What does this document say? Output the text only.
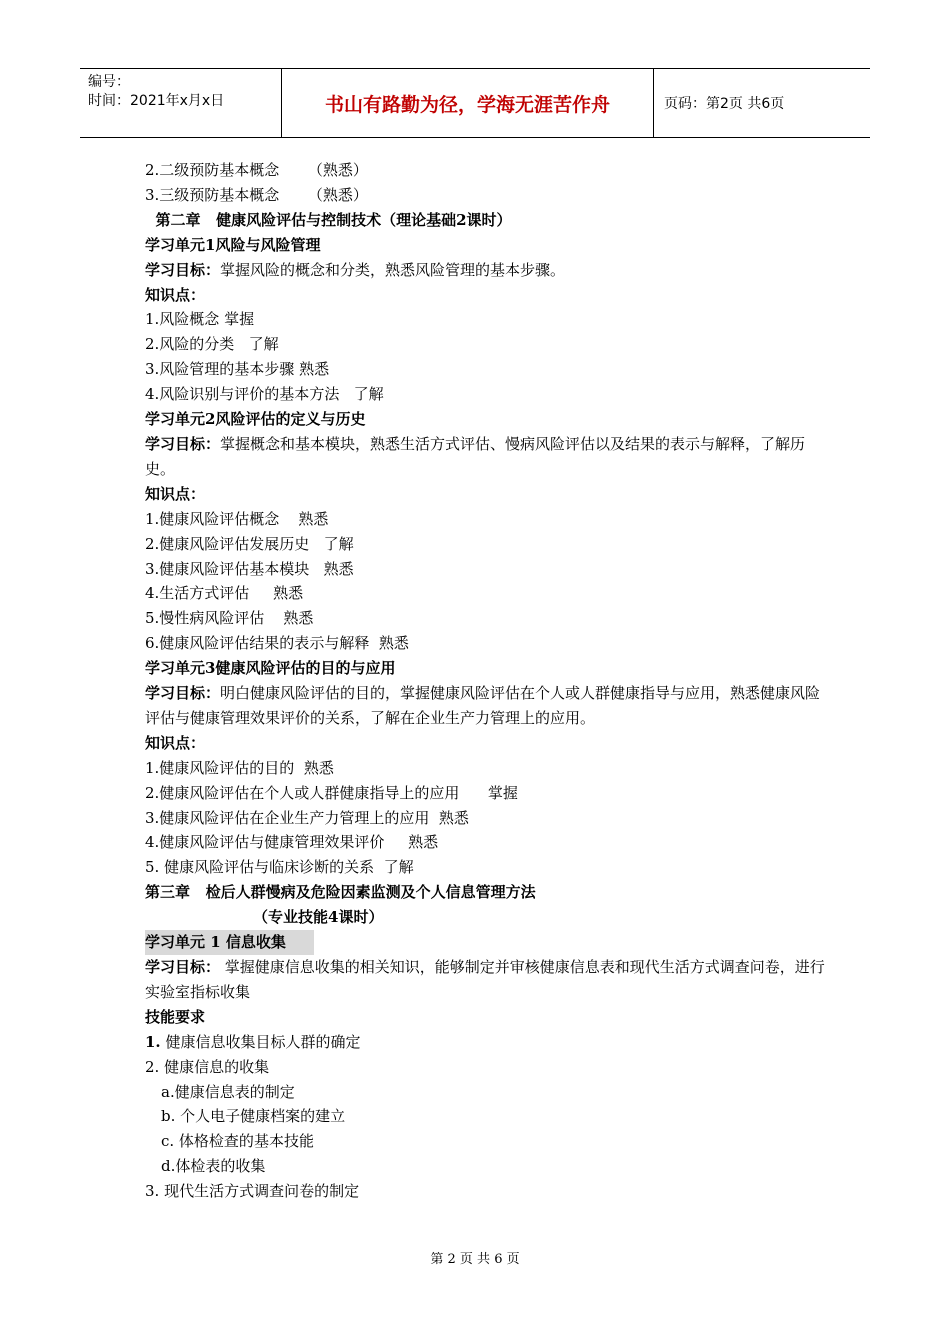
编号：
时间：2021年x月x日	书山有路勤为径，学海无涯苦作舟	页码：第2页 共6页
2.二级预防基本概念      （熟悉）
3.三级预防基本概念      （熟悉）
第二章   健康风险评估与控制技术（理论基础2课时）
学习单元1风险与风险管理
学习目标：掌握风险的概念和分类，熟悉风险管理的基本步骤。
知识点：
1.风险概念 掌握
2.风险的分类   了解
3.风险管理的基本步骤 熟悉
4.风险识别与评价的基本方法   了解
学习单元2风险评估的定义与历史
学习目标：掌握概念和基本模块，熟悉生活方式评估、慢病风险评估以及结果的表示与解释，了解历史。
知识点：
1.健康风险评估概念    熟悉
2.健康风险评估发展历史   了解
3.健康风险评估基本模块   熟悉
4.生活方式评估     熟悉
5.慢性病风险评估    熟悉
6.健康风险评估结果的表示与解释  熟悉
学习单元3健康风险评估的目的与应用
学习目标：明白健康风险评估的目的，掌握健康风险评估在个人或人群健康指导与应用，熟悉健康风险评估与健康管理效果评价的关系，了解在企业生产力管理上的应用。
知识点：
1.健康风险评估的目的  熟悉
2.健康风险评估在个人或人群健康指导上的应用      掌握
3.健康风险评估在企业生产力管理上的应用  熟悉
4.健康风险评估与健康管理效果评价     熟悉
5. 健康风险评估与临床诊断的关系  了解
第三章   检后人群慢病及危险因素监测及个人信息管理方法
（专业技能4课时）
学习单元 1 信息收集
学习目标： 掌握健康信息收集的相关知识，能够制定并审核健康信息表和现代生活方式调查问卷，进行实验室指标收集
技能要求
1. 健康信息收集目标人群的确定
2. 健康信息的收集
a.健康信息表的制定
b. 个人电子健康档案的建立
c. 体格检查的基本技能
d.体检表的收集
3. 现代生活方式调查问卷的制定
第 2 页 共 6 页
